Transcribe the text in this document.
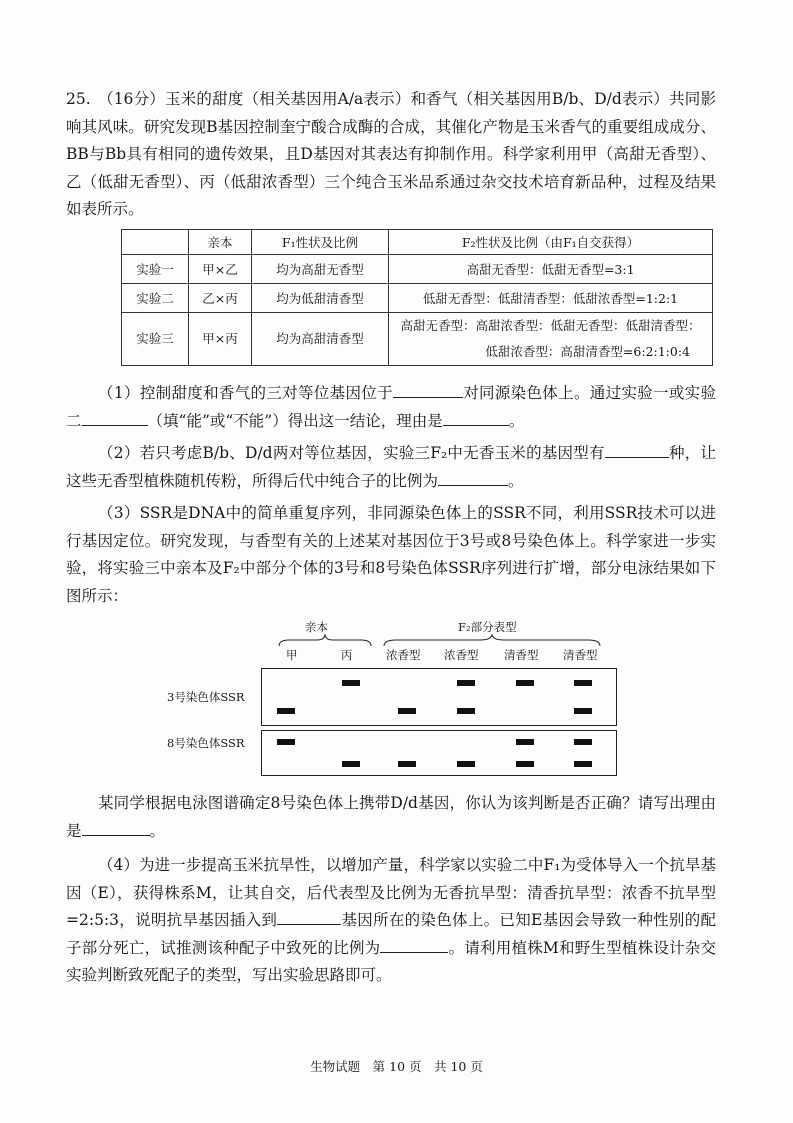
25. （16分）玉米的甜度（相关基因用A/a表示）和香气（相关基因用B/b、D/d表示）共同影响其风味。研究发现B基因控制奎宁酸合成酶的合成，其催化产物是玉米香气的重要组成成分、BB与Bb具有相同的遗传效果，且D基因对其表达有抑制作用。科学家利用甲（高甜无香型）、乙（低甜无香型）、丙（低甜浓香型）三个纯合玉米品系通过杂交技术培育新品种，过程及结果如表所示。
	亲本	F₁性状及比例	F₂性状及比例（由F₁自交获得）
实验一	甲×乙	均为高甜无香型	高甜无香型：低甜无香型=3:1
实验二	乙×丙	均为低甜清香型	低甜无香型：低甜清香型：低甜浓香型=1:2:1
实验三	甲×丙	均为高甜清香型	高甜无香型：高甜浓香型：低甜无香型：低甜清香型：
低甜浓香型：高甜清香型=6:2:1:0:4
（1）控制甜度和香气的三对等位基因位于	对同源染色体上。通过实验一或实验二	（填“能”或“不能”）得出这一结论，理由是	。
（2）若只考虑B/b、D/d两对等位基因，实验三F₂中无香玉米的基因型有	种，让这些无香型植株随机传粉，所得后代中纯合子的比例为	。
（3）SSR是DNA中的简单重复序列，非同源染色体上的SSR不同，利用SSR技术可以进行基因定位。研究发现，与香型有关的上述某对基因位于3号或8号染色体上。科学家进一步实验，将实验三中亲本及F₂中部分个体的3号和8号染色体SSR序列进行扩增，部分电泳结果如下图所示：
亲本	F₂部分表型
甲	丙	浓香型 浓香型 清香型 清香型
3号染色体SSR
8号染色体SSR
某同学根据电泳图谱确定8号染色体上携带D/d基因，你认为该判断是否正确？请写出理由是	。
（4）为进一步提高玉米抗旱性，以增加产量，科学家以实验二中F₁为受体导入一个抗旱基因（E），获得株系M，让其自交，后代表型及比例为无香抗旱型：清香抗旱型：浓香不抗旱型=2:5:3，说明抗旱基因插入到	基因所在的染色体上。已知E基因会导致一种性别的配子部分死亡，试推测该种配子中致死的比例为	。请利用植株M和野生型植株设计杂交实验判断致死配子的类型，写出实验思路即可。
生物试题　第 10 页　共 10 页
